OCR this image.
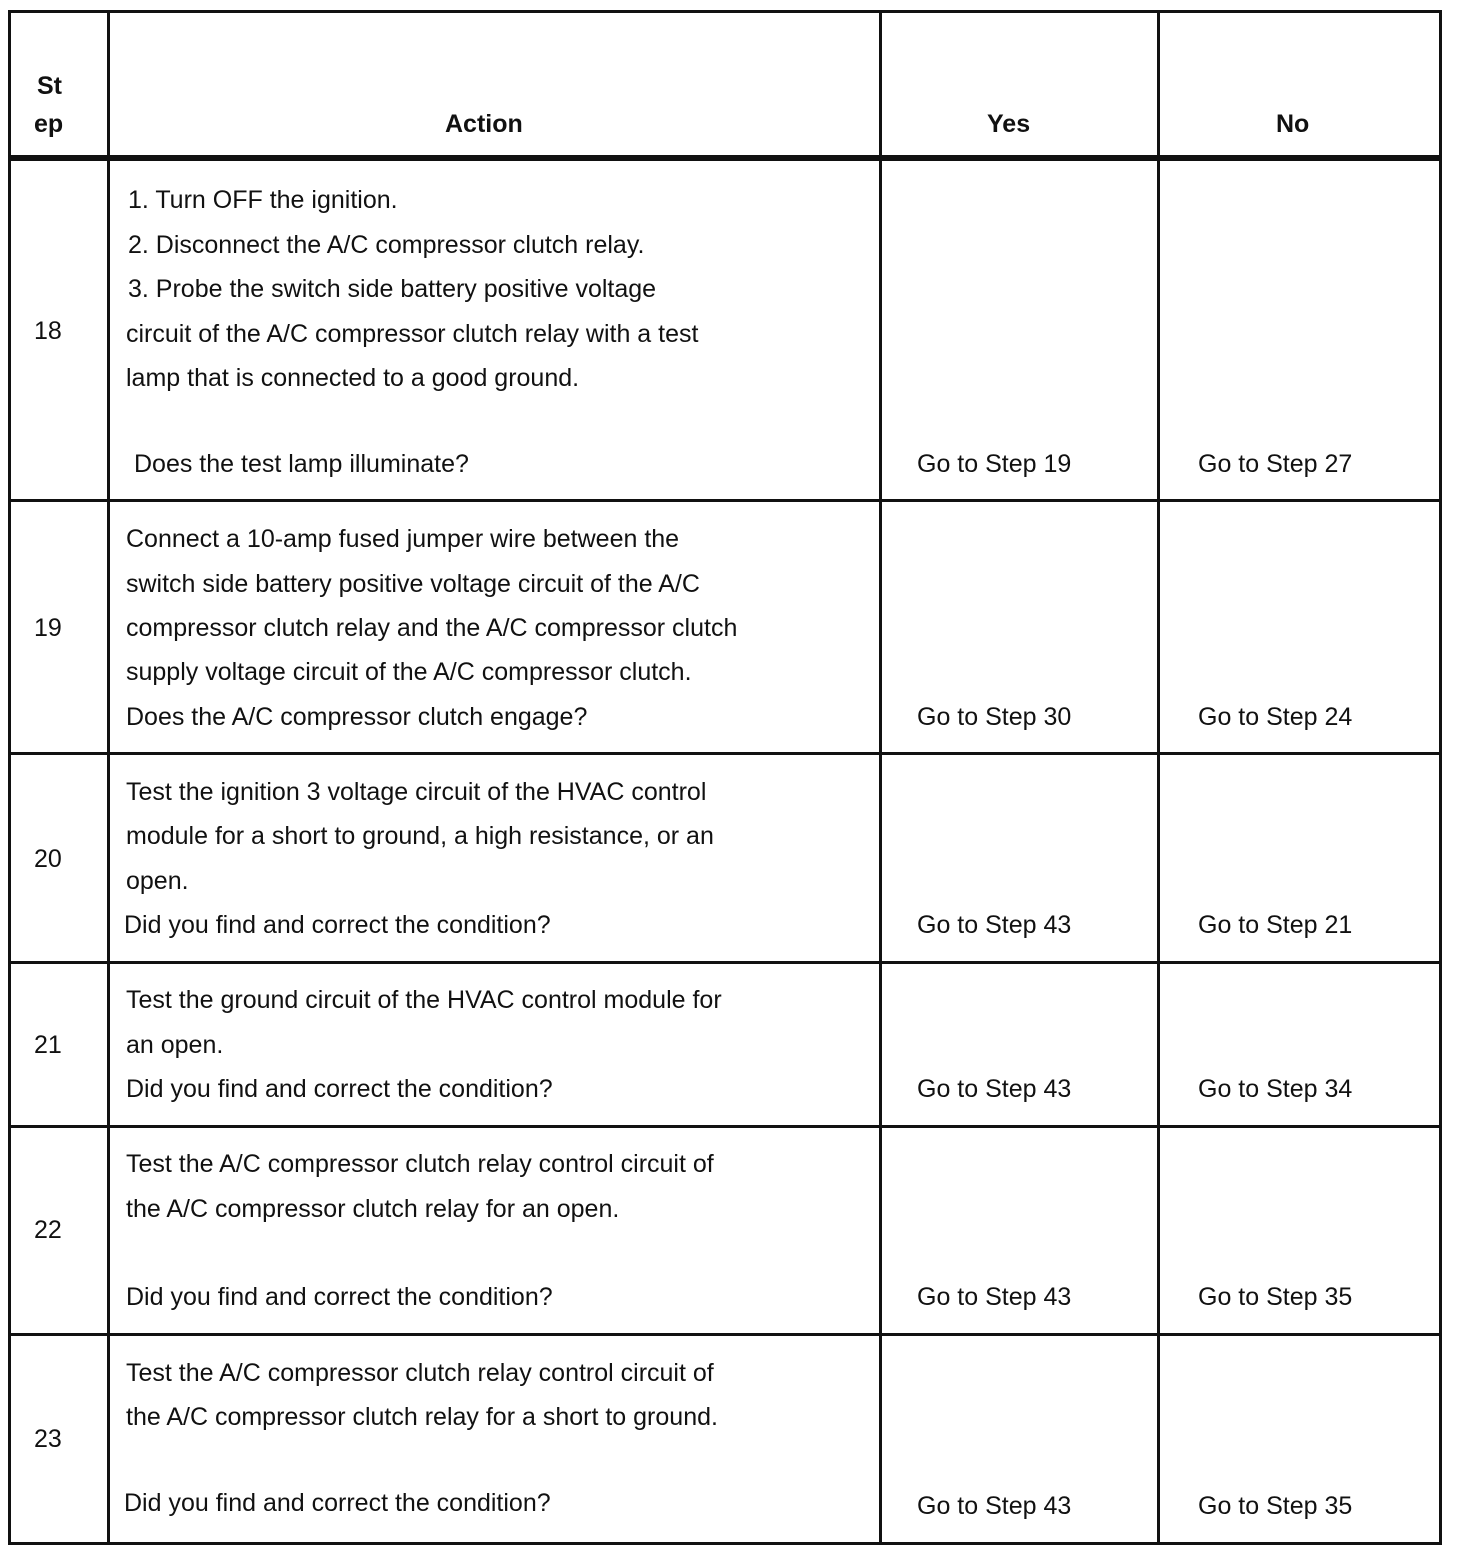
St
ep	Action	Yes	No
18
1. Turn OFF the ignition.
2. Disconnect the A/C compressor clutch relay.
3. Probe the switch side battery positive voltage
circuit of the A/C compressor clutch relay with a test
lamp that is connected to a good ground.
Does the test lamp illuminate?	Go to Step 19	Go to Step 27
19
Connect a 10-amp fused jumper wire between the
switch side battery positive voltage circuit of the A/C
compressor clutch relay and the A/C compressor clutch
supply voltage circuit of the A/C compressor clutch.
Does the A/C compressor clutch engage?	Go to Step 30	Go to Step 24
20
Test the ignition 3 voltage circuit of the HVAC control
module for a short to ground, a high resistance, or an
open.
Did you find and correct the condition?	Go to Step 43	Go to Step 21
21
Test the ground circuit of the HVAC control module for
an open.
Did you find and correct the condition?	Go to Step 43	Go to Step 34
22
Test the A/C compressor clutch relay control circuit of
the A/C compressor clutch relay for an open.
Did you find and correct the condition?	Go to Step 43	Go to Step 35
23
Test the A/C compressor clutch relay control circuit of
the A/C compressor clutch relay for a short to ground.
Did you find and correct the condition?	Go to Step 43	Go to Step 35
